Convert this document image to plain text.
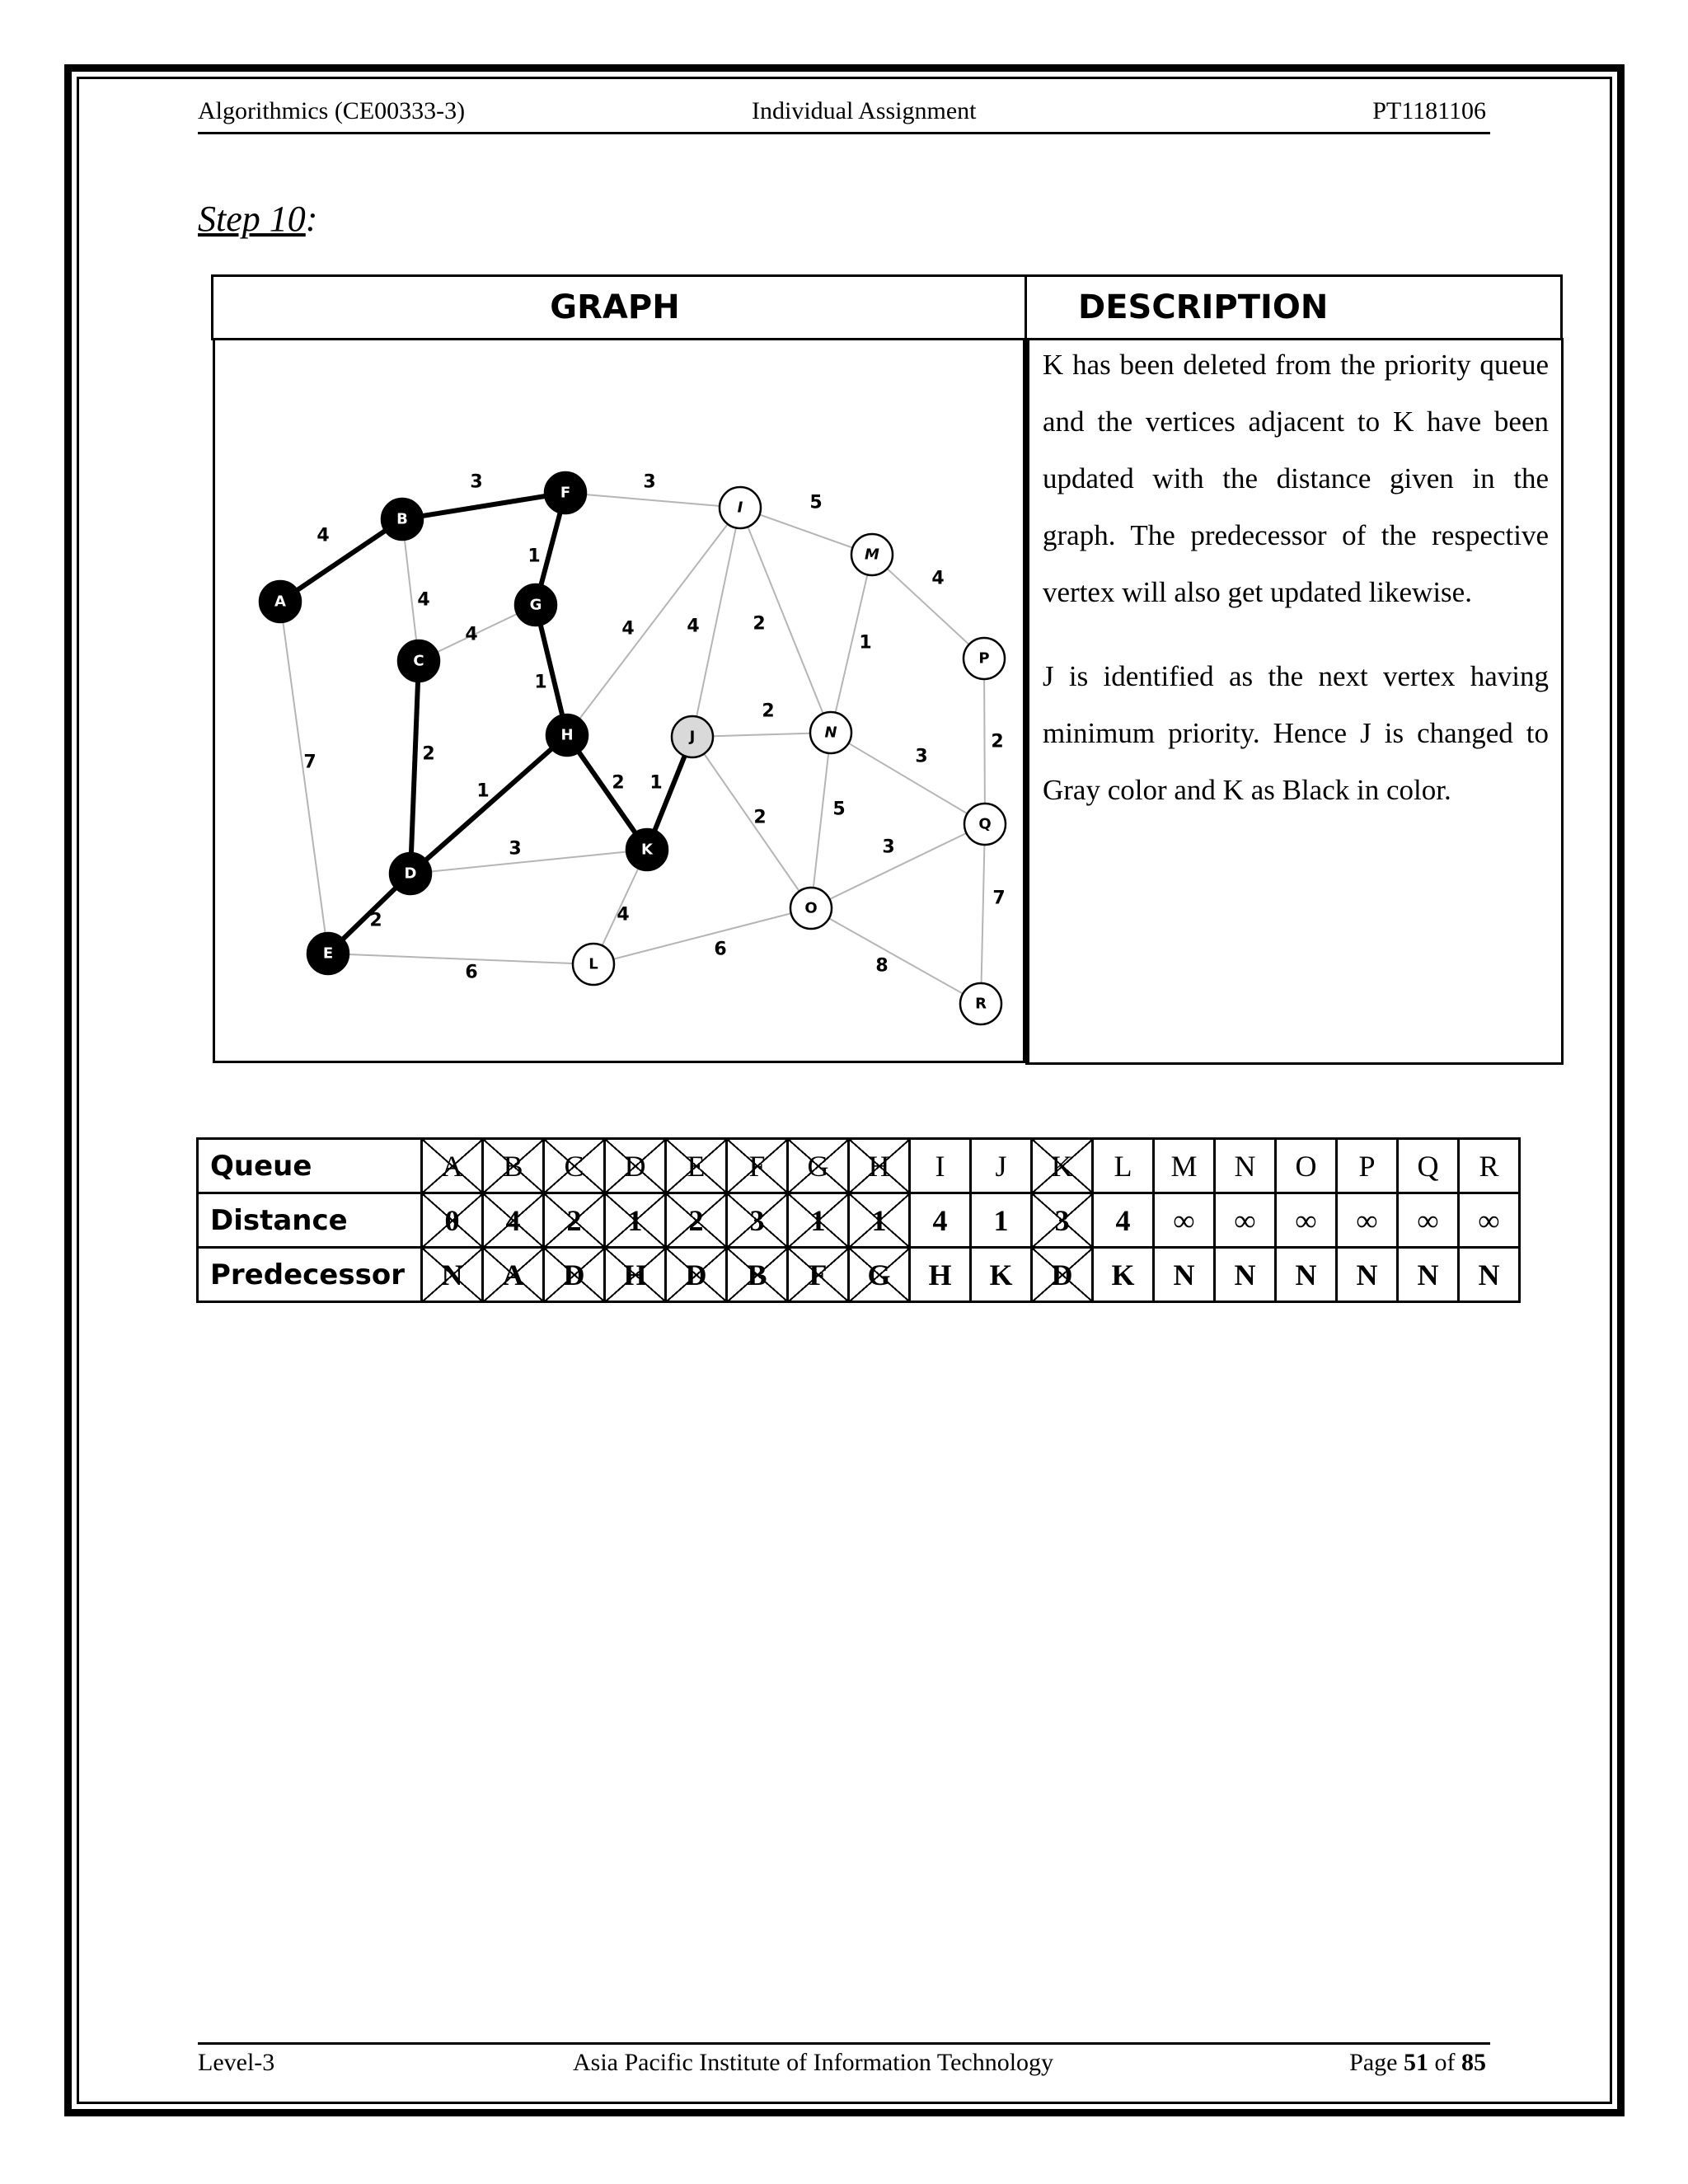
Algorithmics (CE00333-3)	Individual Assignment	PT1181106
Step 10:
GRAPH	DESCRIPTION
4
3
1
1
1
2
2
2 1
4
4
7
3
5
4
4	4	2
1
2
2
3
2	5
3
7
8
3
4
6
6
A
B
C
D
E
F
G
H
I
J
K
L
M
N
O
P
Q
R

K has been deleted from the priority queue and the vertices adjacent to K have been updated with the distance given in the graph. The predecessor of the respective vertex will also get updated likewise.

J is identified as the next vertex having minimum priority. Hence J is changed to Gray color and K as Black in color.

Queue	A	B	C	D	E	F	G	H	I	J	K	L	M	N	O	P	Q	R
Distance	0	4	2	1	2	3	1	1	4	1	3	4	∞	∞	∞	∞	∞	∞
Predecessor	N	A	D	H	D	B	F	G	H	K	D	K	N	N	N	N	N	N
Level-3	Asia Pacific Institute of Information Technology	Page 51 of 85
